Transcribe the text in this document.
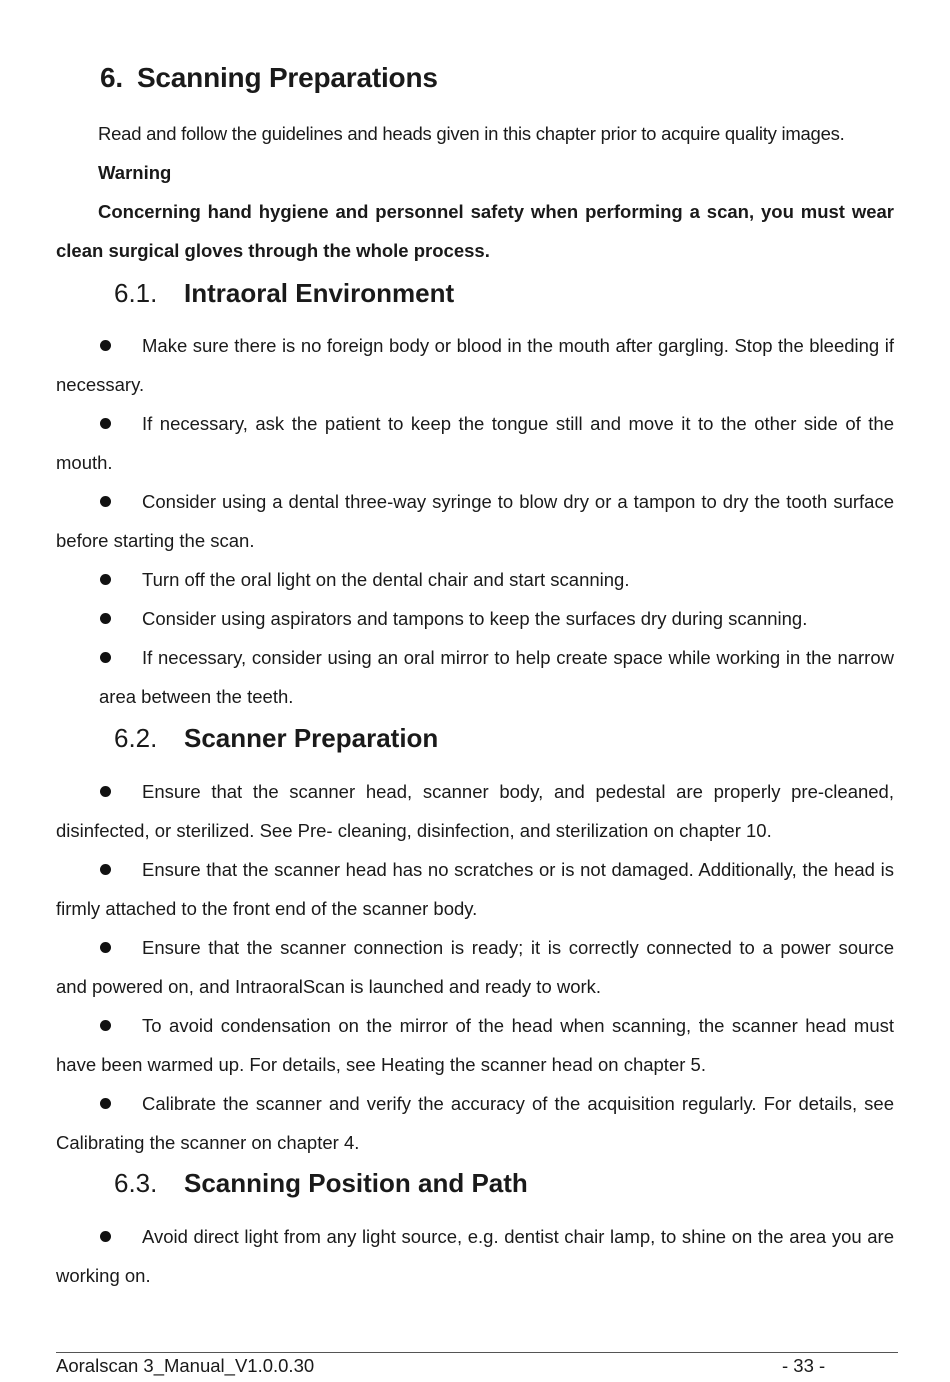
6. Scanning Preparations

Read and follow the guidelines and heads given in this chapter prior to acquire quality images.

Warning

Concerning hand hygiene and personnel safety when performing a scan, you must wear clean surgical gloves through the whole process.

6.1. Intraoral Environment

Make sure there is no foreign body or blood in the mouth after gargling. Stop the bleeding if necessary.

If necessary, ask the patient to keep the tongue still and move it to the other side of the mouth.

Consider using a dental three-way syringe to blow dry or a tampon to dry the tooth surface before starting the scan.

Turn off the oral light on the dental chair and start scanning.

Consider using aspirators and tampons to keep the surfaces dry during scanning.

If necessary, consider using an oral mirror to help create space while working in the narrow area between the teeth.

6.2. Scanner Preparation

Ensure that the scanner head, scanner body, and pedestal are properly pre-cleaned, disinfected, or sterilized. See Pre- cleaning, disinfection, and sterilization on chapter 10.

Ensure that the scanner head has no scratches or is not damaged. Additionally, the head is firmly attached to the front end of the scanner body.

Ensure that the scanner connection is ready; it is correctly connected to a power source and powered on, and IntraoralScan is launched and ready to work.

To avoid condensation on the mirror of the head when scanning, the scanner head must have been warmed up. For details, see Heating the scanner head on chapter 5.

Calibrate the scanner and verify the accuracy of the acquisition regularly. For details, see Calibrating the scanner on chapter 4.

6.3. Scanning Position and Path

Avoid direct light from any light source, e.g. dentist chair lamp, to shine on the area you are working on.

Aoralscan 3_Manual_V1.0.0.30	- 33 -
